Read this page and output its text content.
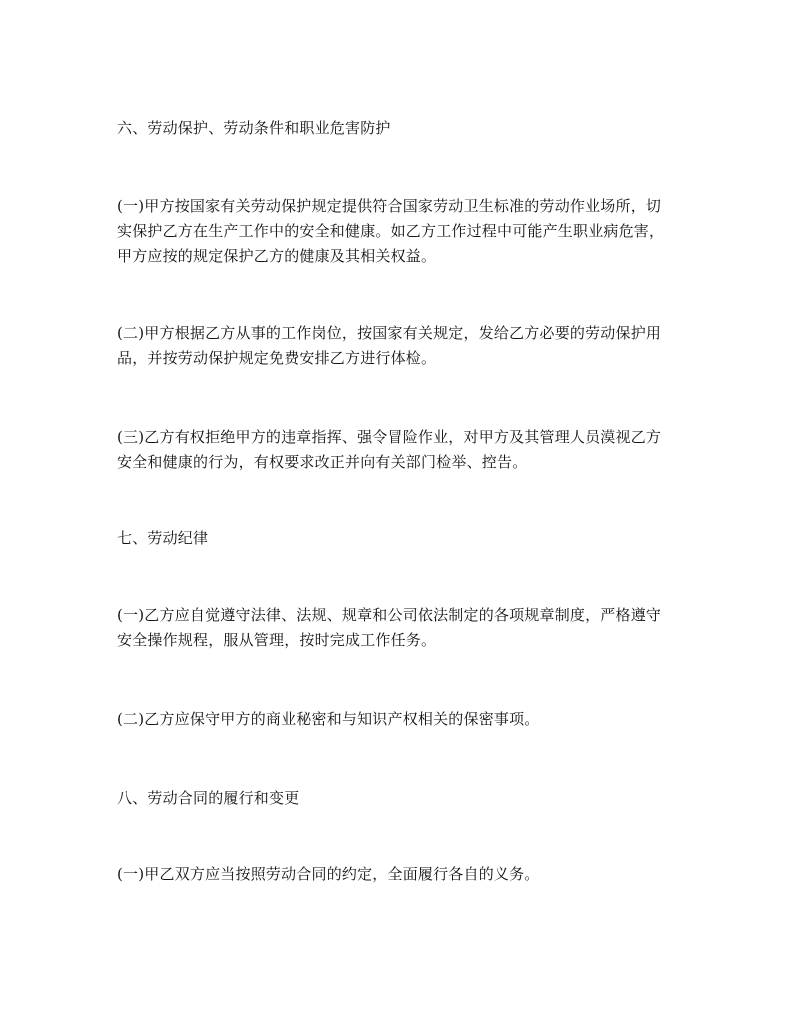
六、劳动保护、劳动条件和职业危害防护
(一)甲方按国家有关劳动保护规定提供符合国家劳动卫生标准的劳动作业场所，切
实保护乙方在生产工作中的安全和健康。如乙方工作过程中可能产生职业病危害，
甲方应按的规定保护乙方的健康及其相关权益。
(二)甲方根据乙方从事的工作岗位，按国家有关规定，发给乙方必要的劳动保护用
品，并按劳动保护规定免费安排乙方进行体检。
(三)乙方有权拒绝甲方的违章指挥、强令冒险作业，对甲方及其管理人员漠视乙方
安全和健康的行为，有权要求改正并向有关部门检举、控告。
七、劳动纪律
(一)乙方应自觉遵守法律、法规、规章和公司依法制定的各项规章制度，严格遵守
安全操作规程，服从管理，按时完成工作任务。
(二)乙方应保守甲方的商业秘密和与知识产权相关的保密事项。
八、劳动合同的履行和变更
(一)甲乙双方应当按照劳动合同的约定，全面履行各自的义务。
